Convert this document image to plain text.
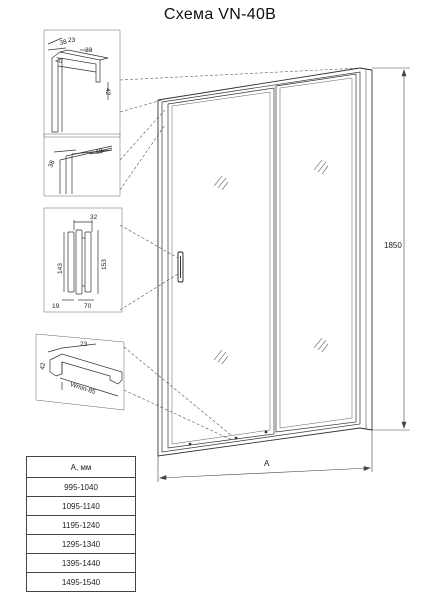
Схема VN-40B
1850
A
38 23
23
20
42
38
18
32
143	153
19	70
23
42
Wmin-85
А, мм
995-1040
1095-1140
1195-1240
1295-1340
1395-1440
1495-1540
